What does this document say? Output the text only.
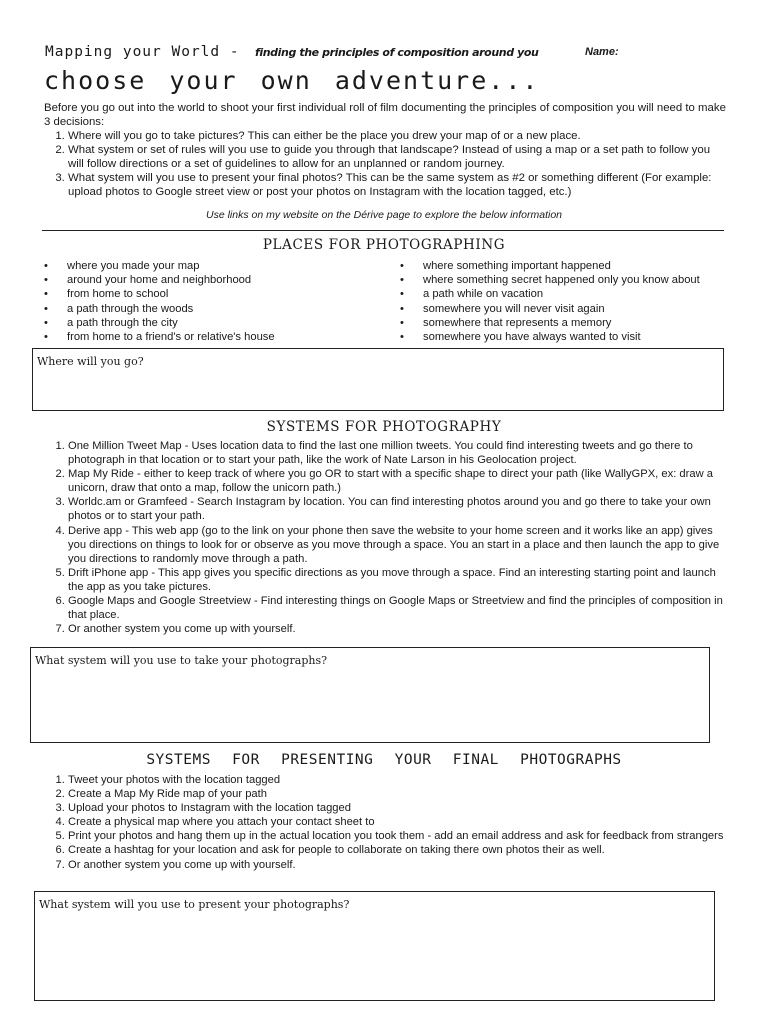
Mapping your World - finding the principles of composition around you	Name:
choose your own adventure...
Before you go out into the world to shoot your first individual roll of film documenting the principles of composition you will need to make 3 decisions:
1. Where will you go to take pictures? This can either be the place you drew your map of or a new place.
2. What system or set of rules will you use to guide you through that landscape? Instead of using a map or a set path to follow you will follow directions or a set of guidelines to allow for an unplanned or random journey.
3. What system will you use to present your final photos? This can be the same system as #2 or something different (For example: upload photos to Google street view or post your photos on Instagram with the location tagged, etc.)
Use links on my website on the Dérive page to explore the below information
PLACES FOR PHOTOGRAPHING
• where you made your map
• around your home and neighborhood
• from home to school
• a path through the woods
• a path through the city
• from home to a friend's or relative's house
• where something important happened
• where something secret happened only you know about
• a path while on vacation
• somewhere you will never visit again
• somewhere that represents a memory
• somewhere you have always wanted to visit
Where will you go?
SYSTEMS FOR PHOTOGRAPHY
1. One Million Tweet Map - Uses location data to find the last one million tweets. You could find interesting tweets and go there to photograph in that location or to start your path, like the work of Nate Larson in his Geolocation project.
2. Map My Ride - either to keep track of where you go OR to start with a specific shape to direct your path (like WallyGPX, ex: draw a unicorn, draw that onto a map, follow the unicorn path.)
3. Worldc.am or Gramfeed - Search Instagram by location. You can find interesting photos around you and go there to take your own photos or to start your path.
4. Derive app - This web app (go to the link on your phone then save the website to your home screen and it works like an app) gives you directions on things to look for or observe as you move through a space. You an start in a place and then launch the app to give you directions to randomly move through a path.
5. Drift iPhone app - This app gives you specific directions as you move through a space. Find an interesting starting point and launch the app as you take pictures.
6. Google Maps and Google Streetview - Find interesting things on Google Maps or Streetview and find the principles of composition in that place.
7. Or another system you come up with yourself.
What system will you use to take your photographs?
SYSTEMS FOR PRESENTING YOUR FINAL PHOTOGRAPHS
1. Tweet your photos with the location tagged
2. Create a Map My Ride map of your path
3. Upload your photos to Instagram with the location tagged
4. Create a physical map where you attach your contact sheet to
5. Print your photos and hang them up in the actual location you took them - add an email address and ask for feedback from strangers
6. Create a hashtag for your location and ask for people to collaborate on taking there own photos their as well.
7. Or another system you come up with yourself.
What system will you use to present your photographs?
